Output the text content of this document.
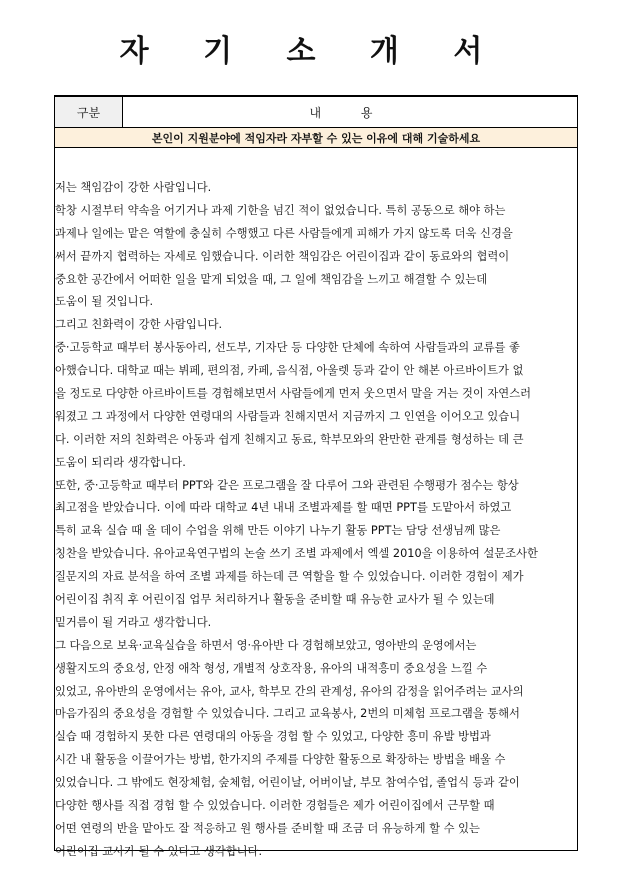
자 기 소 개 서
구분	내 용
본인이 지원분야에 적임자라 자부할 수 있는 이유에 대해 기술하세요
저는 책임감이 강한 사람입니다.
학창 시절부터 약속을 어기거나 과제 기한을 넘긴 적이 없었습니다. 특히 공동으로 해야 하는
과제나 일에는 맡은 역할에 충실히 수행했고 다른 사람들에게 피해가 가지 않도록 더욱 신경을
써서 끝까지 협력하는 자세로 임했습니다. 이러한 책임감은 어린이집과 같이 동료와의 협력이
중요한 공간에서 어떠한 일을 맡게 되었을 때, 그 일에 책임감을 느끼고 해결할 수 있는데
도움이 될 것입니다.
그리고 친화력이 강한 사람입니다.
중·고등학교 때부터 봉사동아리, 선도부, 기자단 등 다양한 단체에 속하여 사람들과의 교류를 좋
아했습니다. 대학교 때는 뷔페, 편의점, 카페, 음식점, 아울렛 등과 같이 안 해본 아르바이트가 없
을 정도로 다양한 아르바이트를 경험해보면서 사람들에게 먼저 웃으면서 말을 거는 것이 자연스러
워졌고 그 과정에서 다양한 연령대의 사람들과 친해지면서 지금까지 그 인연을 이어오고 있습니
다. 이러한 저의 친화력은 아동과 쉽게 친해지고 동료, 학부모와의 완만한 관계를 형성하는 데 큰
도움이 되리라 생각합니다.
또한, 중·고등학교 때부터 PPT와 같은 프로그램을 잘 다루어 그와 관련된 수행평가 점수는 항상
최고점을 받았습니다. 이에 따라 대학교 4년 내내 조별과제를 할 때면 PPT를 도맡아서 하였고
특히 교육 실습 때 올 데이 수업을 위해 만든 이야기 나누기 활동 PPT는 담당 선생님께 많은
칭찬을 받았습니다. 유아교육연구법의 논술 쓰기 조별 과제에서 엑셀 2010을 이용하여 설문조사한
질문지의 자료 분석을 하여 조별 과제를 하는데 큰 역할을 할 수 있었습니다. 이러한 경험이 제가
어린이집 취직 후 어린이집 업무 처리하거나 활동을 준비할 때 유능한 교사가 될 수 있는데
밑거름이 될 거라고 생각합니다.
그 다음으로 보육·교육실습을 하면서 영·유아반 다 경험해보았고, 영아반의 운영에서는
생활지도의 중요성, 안정 애착 형성, 개별적 상호작용, 유아의 내적흥미 중요성을 느낄 수
있었고, 유아반의 운영에서는 유아, 교사, 학부모 간의 관계성, 유아의 감정을 읽어주려는 교사의
마음가짐의 중요성을 경험할 수 있었습니다. 그리고 교육봉사, 2번의 미체험 프로그램을 통해서
실습 때 경험하지 못한 다른 연령대의 아동을 경험 할 수 있었고, 다양한 흥미 유발 방법과
시간 내 활동을 이끌어가는 방법, 한가지의 주제를 다양한 활동으로 확장하는 방법을 배울 수
있었습니다. 그 밖에도 현장체험, 숲체험, 어린이날, 어버이날, 부모 참여수업, 졸업식 등과 같이
다양한 행사를 직접 경험 할 수 있었습니다. 이러한 경험들은 제가 어린이집에서 근무할 때
어떤 연령의 반을 맡아도 잘 적응하고 원 행사를 준비할 때 조금 더 유능하게 할 수 있는
어린이집 교사가 될 수 있다고 생각합니다.
